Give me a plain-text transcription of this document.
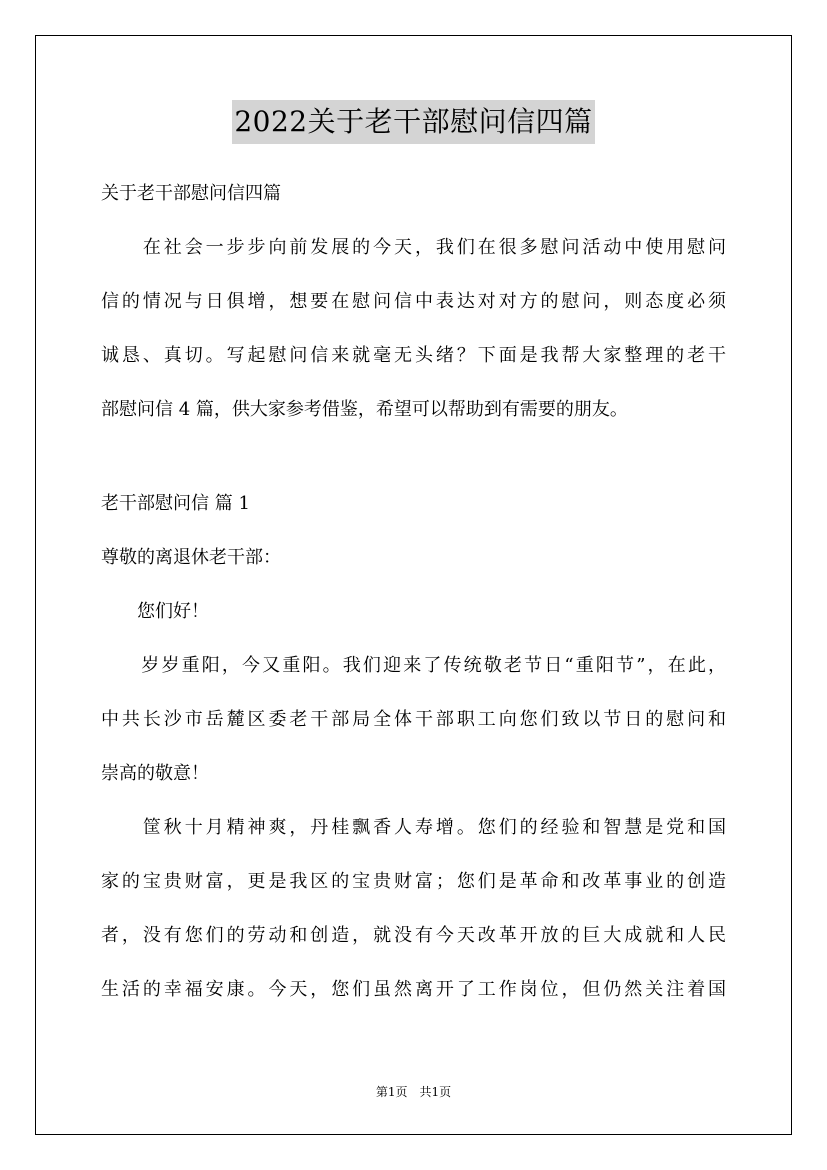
2022关于老干部慰问信四篇
关于老干部慰问信四篇
　　在社会一步步向前发展的今天，我们在很多慰问活动中使用慰问
信的情况与日俱增，想要在慰问信中表达对对方的慰问，则态度必须
诚恳、真切。写起慰问信来就毫无头绪？下面是我帮大家整理的老干
部慰问信 4 篇，供大家参考借鉴，希望可以帮助到有需要的朋友。
老干部慰问信 篇 1
尊敬的离退休老干部：
　　您们好！
　　岁岁重阳，今又重阳。我们迎来了传统敬老节日“重阳节”，在此，
中共长沙市岳麓区委老干部局全体干部职工向您们致以节日的慰问和
崇高的敬意！
　　筐秋十月精神爽，丹桂飘香人寿增。您们的经验和智慧是党和国
家的宝贵财富，更是我区的宝贵财富；您们是革命和改革事业的创造
者，没有您们的劳动和创造，就没有今天改革开放的巨大成就和人民
生活的幸福安康。今天，您们虽然离开了工作岗位，但仍然关注着国
第1页　共1页
